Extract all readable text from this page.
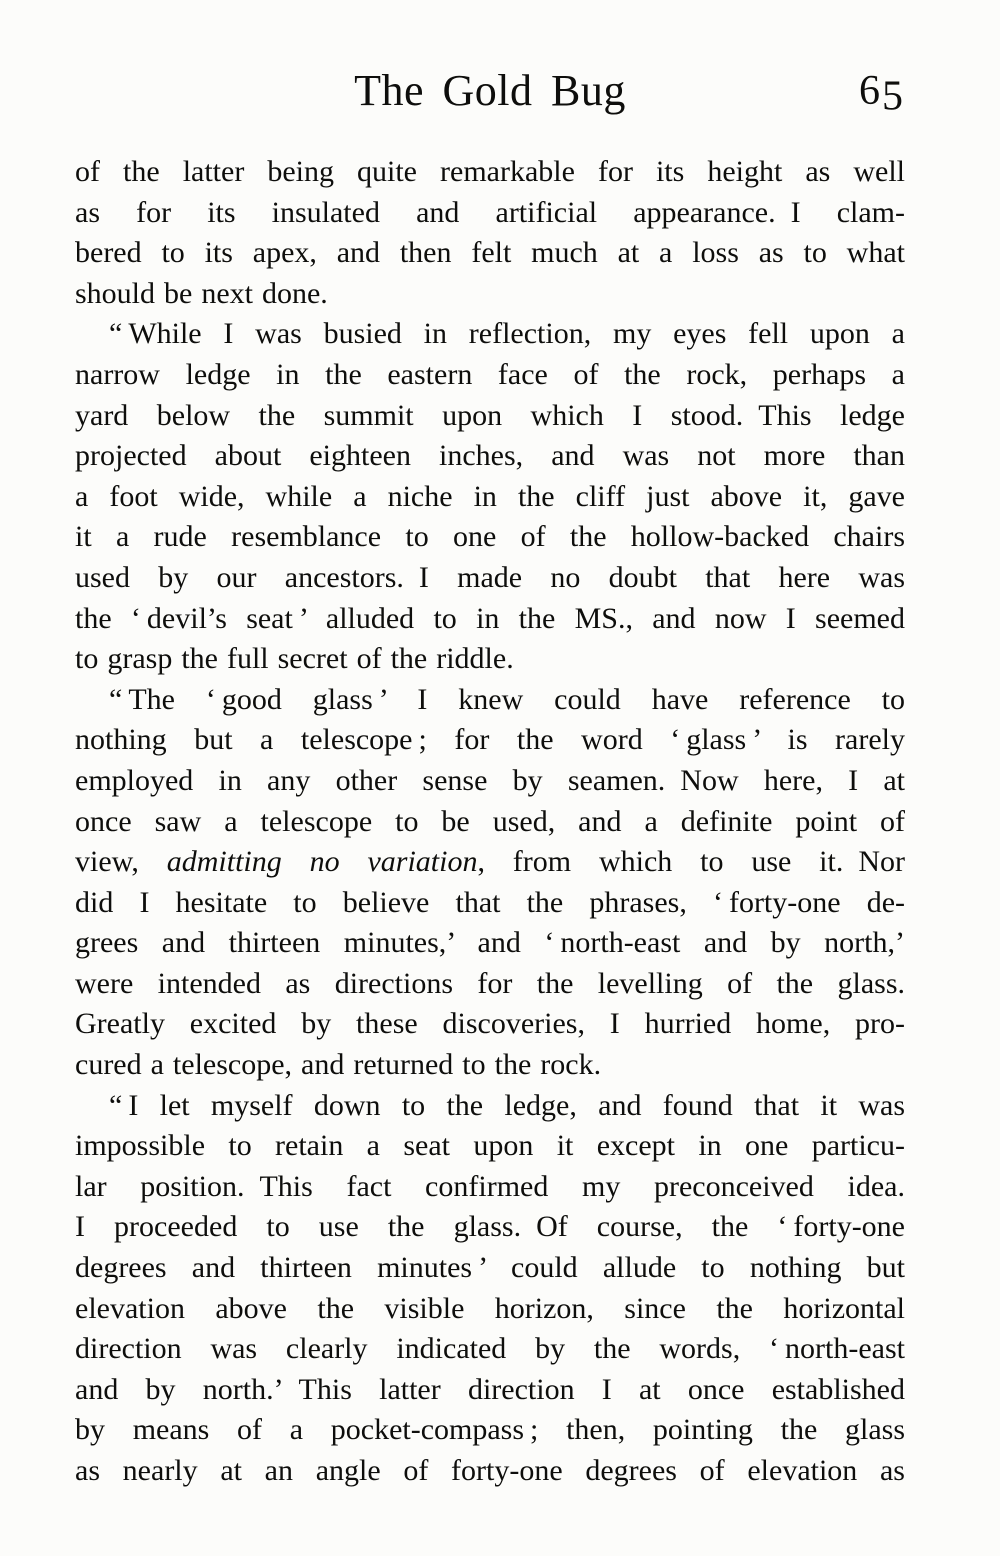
The Gold Bug	65
of the latter being quite remarkable for its height as well
as for its insulated and artificial appearance. I clam-
bered to its apex, and then felt much at a loss as to what
should be next done.
“ While I was busied in reflection, my eyes fell upon a
narrow ledge in the eastern face of the rock, perhaps a
yard below the summit upon which I stood. This ledge
projected about eighteen inches, and was not more than
a foot wide, while a niche in the cliff just above it, gave
it a rude resemblance to one of the hollow-backed chairs
used by our ancestors. I made no doubt that here was
the ‘ devil’s seat ’ alluded to in the MS., and now I seemed
to grasp the full secret of the riddle.
“ The ‘ good glass ’ I knew could have reference to
nothing but a telescope ; for the word ‘ glass ’ is rarely
employed in any other sense by seamen. Now here, I at
once saw a telescope to be used, and a definite point of
view, admitting no variation, from which to use it. Nor
did I hesitate to believe that the phrases, ‘ forty-one de-
grees and thirteen minutes,’ and ‘ north-east and by north,’
were intended as directions for the levelling of the glass.
Greatly excited by these discoveries, I hurried home, pro-
cured a telescope, and returned to the rock.
“ I let myself down to the ledge, and found that it was
impossible to retain a seat upon it except in one particu-
lar position. This fact confirmed my preconceived idea.
I proceeded to use the glass. Of course, the ‘ forty-one
degrees and thirteen minutes ’ could allude to nothing but
elevation above the visible horizon, since the horizontal
direction was clearly indicated by the words, ‘ north-east
and by north.’ This latter direction I at once established
by means of a pocket-compass ; then, pointing the glass
as nearly at an angle of forty-one degrees of elevation as
